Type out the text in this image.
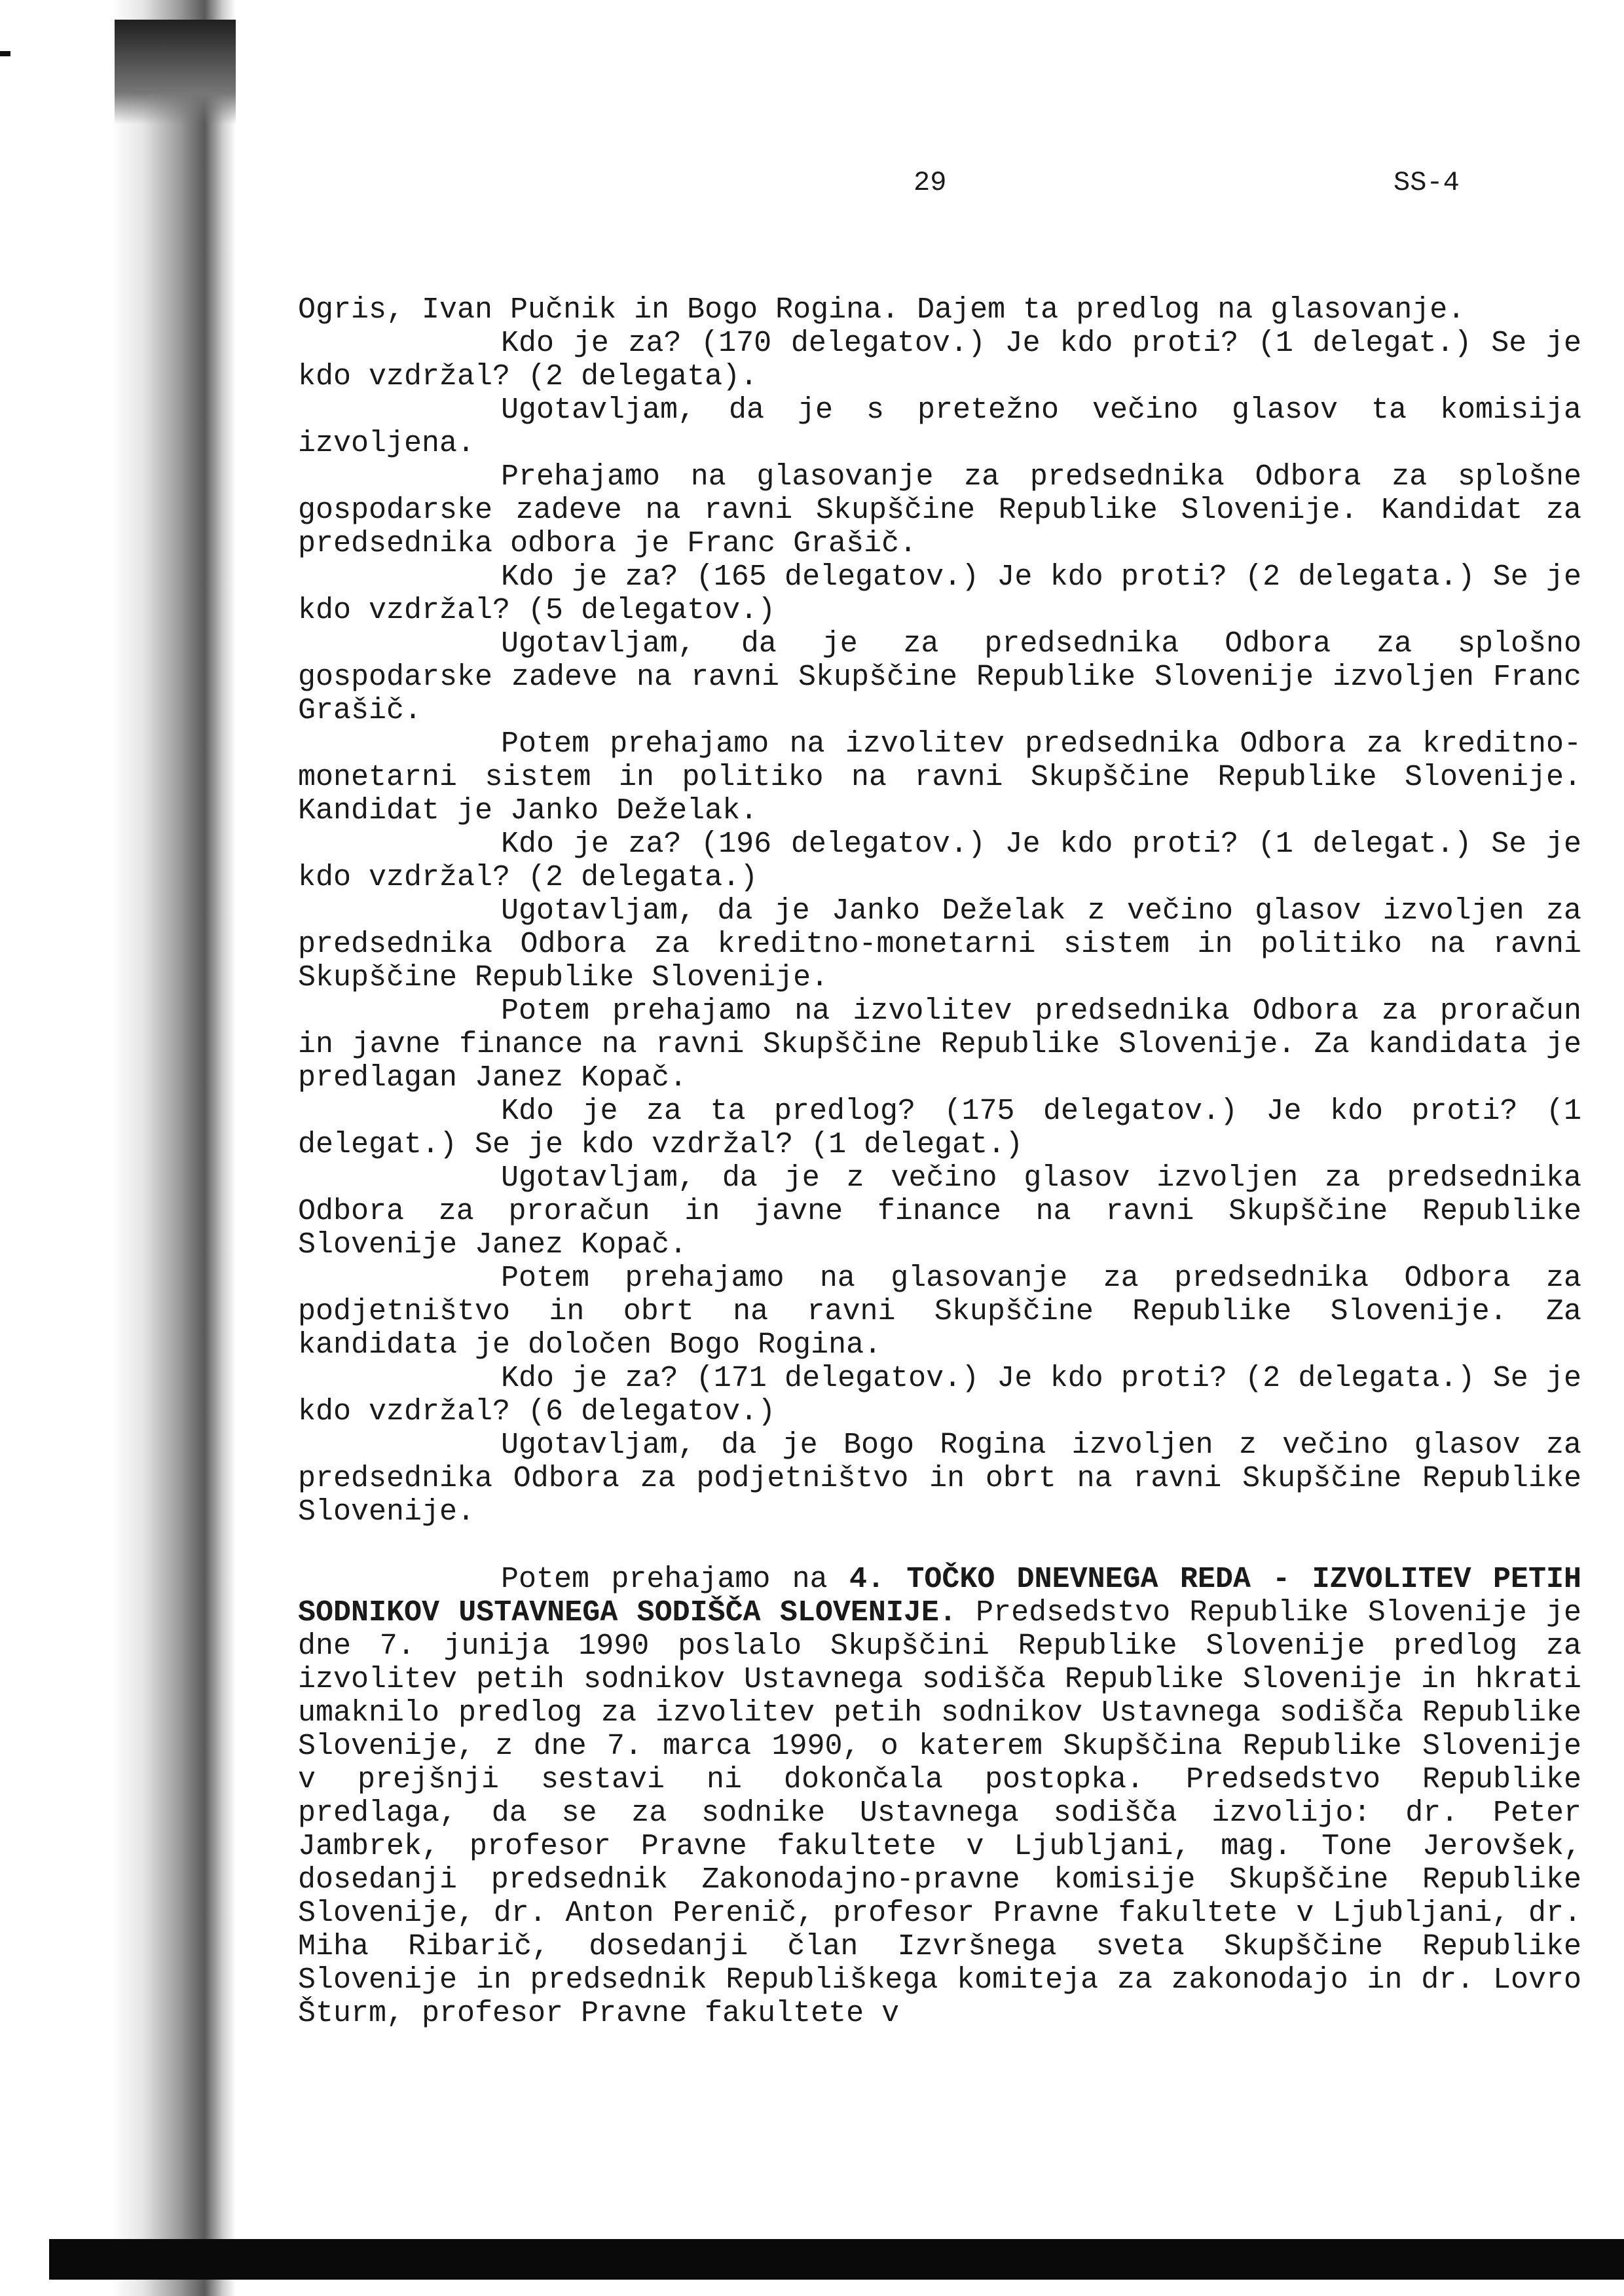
29	SS-4

Ogris, Ivan Pučnik in Bogo Rogina. Dajem ta predlog na glasovanje.

Kdo je za? (170 delegatov.) Je kdo proti? (1 delegat.) Se je kdo vzdržal? (2 delegata).

Ugotavljam, da je s pretežno večino glasov ta komisija izvoljena.

Prehajamo na glasovanje za predsednika Odbora za splošne gospodarske zadeve na ravni Skupščine Republike Slovenije. Kandidat za predsednika odbora je Franc Grašič.

Kdo je za? (165 delegatov.) Je kdo proti? (2 delegata.) Se je kdo vzdržal? (5 delegatov.)

Ugotavljam, da je za predsednika Odbora za splošno gospodarske zadeve na ravni Skupščine Republike Slovenije izvoljen Franc Grašič.

Potem prehajamo na izvolitev predsednika Odbora za kreditno-monetarni sistem in politiko na ravni Skupščine Republike Slovenije. Kandidat je Janko Deželak.

Kdo je za? (196 delegatov.) Je kdo proti? (1 delegat.) Se je kdo vzdržal? (2 delegata.)

Ugotavljam, da je Janko Deželak z večino glasov izvoljen za predsednika Odbora za kreditno-monetarni sistem in politiko na ravni Skupščine Republike Slovenije.

Potem prehajamo na izvolitev predsednika Odbora za proračun in javne finance na ravni Skupščine Republike Slovenije. Za kandidata je predlagan Janez Kopač.

Kdo je za ta predlog? (175 delegatov.) Je kdo proti? (1 delegat.) Se je kdo vzdržal? (1 delegat.)

Ugotavljam, da je z večino glasov izvoljen za predsednika Odbora za proračun in javne finance na ravni Skupščine Republike Slovenije Janez Kopač.

Potem prehajamo na glasovanje za predsednika Odbora za podjetništvo in obrt na ravni Skupščine Republike Slovenije. Za kandidata je določen Bogo Rogina.

Kdo je za? (171 delegatov.) Je kdo proti? (2 delegata.) Se je kdo vzdržal? (6 delegatov.)

Ugotavljam, da je Bogo Rogina izvoljen z večino glasov za predsednika Odbora za podjetništvo in obrt na ravni Skupščine Republike Slovenije.

Potem prehajamo na 4. TOČKO DNEVNEGA REDA - IZVOLITEV PETIH SODNIKOV USTAVNEGA SODIŠČA SLOVENIJE. Predsedstvo Republike Slovenije je dne 7. junija 1990 poslalo Skupščini Republike Slovenije predlog za izvolitev petih sodnikov Ustavnega sodišča Republike Slovenije in hkrati umaknilo predlog za izvolitev petih sodnikov Ustavnega sodišča Republike Slovenije, z dne 7. marca 1990, o katerem Skupščina Republike Slovenije v prejšnji sestavi ni dokončala postopka. Predsedstvo Republike predlaga, da se za sodnike Ustavnega sodišča izvolijo: dr. Peter Jambrek, profesor Pravne fakultete v Ljubljani, mag. Tone Jerovšek, dosedanji predsednik Zakonodajno-pravne komisije Skupščine Republike Slovenije, dr. Anton Perenič, profesor Pravne fakultete v Ljubljani, dr. Miha Ribarič, dosedanji član Izvršnega sveta Skupščine Republike Slovenije in predsednik Republiškega komiteja za zakonodajo in dr. Lovro Šturm, profesor Pravne fakultete v
